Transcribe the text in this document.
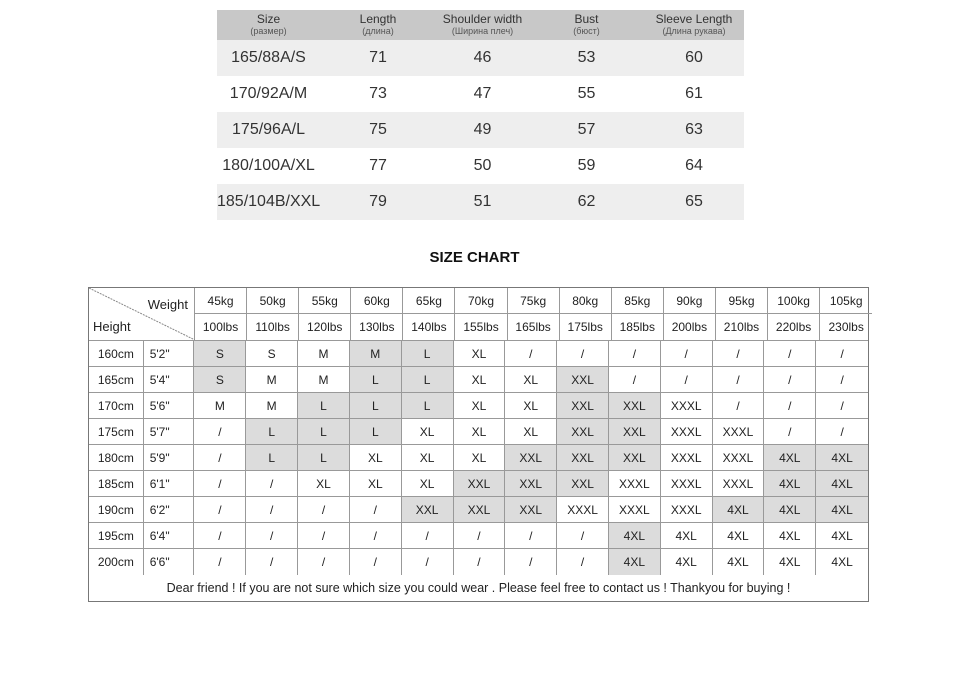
Size
(размер)
Length
(длина)
Shoulder width
(Ширина плеч)
Bust
(бюст)
Sleeve Length
(Длина рукава)
165/88A/S	71	46	53	60
170/92A/M	73	47	55	61
175/96A/L	75	49	57	63
180/100A/XL	77	50	59	64
185/104B/XXL	79	51	62	65
SIZE CHART
Weight
Height
45kg	50kg	55kg	60kg	65kg	70kg	75kg	80kg	85kg	90kg	95kg	100kg	105kg
100lbs	110lbs	120lbs	130lbs	140lbs	155lbs	165lbs	175lbs	185lbs	200lbs	210lbs	220lbs	230lbs
160cm	5'2"	S	S	M	M	L	XL	/	/	/	/	/	/	/
165cm	5'4"	S	M	M	L	L	XL	XL	XXL	/	/	/	/	/
170cm	5'6"	M	M	L	L	L	XL	XL	XXL	XXL	XXXL	/	/	/
175cm	5'7"	/	L	L	L	XL	XL	XL	XXL	XXL	XXXL	XXXL	/	/
180cm	5'9"	/	L	L	XL	XL	XL	XXL	XXL	XXL	XXXL	XXXL	4XL	4XL
185cm	6'1"	/	/	XL	XL	XL	XXL	XXL	XXL	XXXL	XXXL	XXXL	4XL	4XL
190cm	6'2"	/	/	/	/	XXL	XXL	XXL	XXXL	XXXL	XXXL	4XL	4XL	4XL
195cm	6'4"	/	/	/	/	/	/	/	/	4XL	4XL	4XL	4XL	4XL
200cm	6'6"	/	/	/	/	/	/	/	/	4XL	4XL	4XL	4XL	4XL
Dear friend ! If you are not sure which size you could wear . Please feel free to contact us ! Thankyou for buying !
